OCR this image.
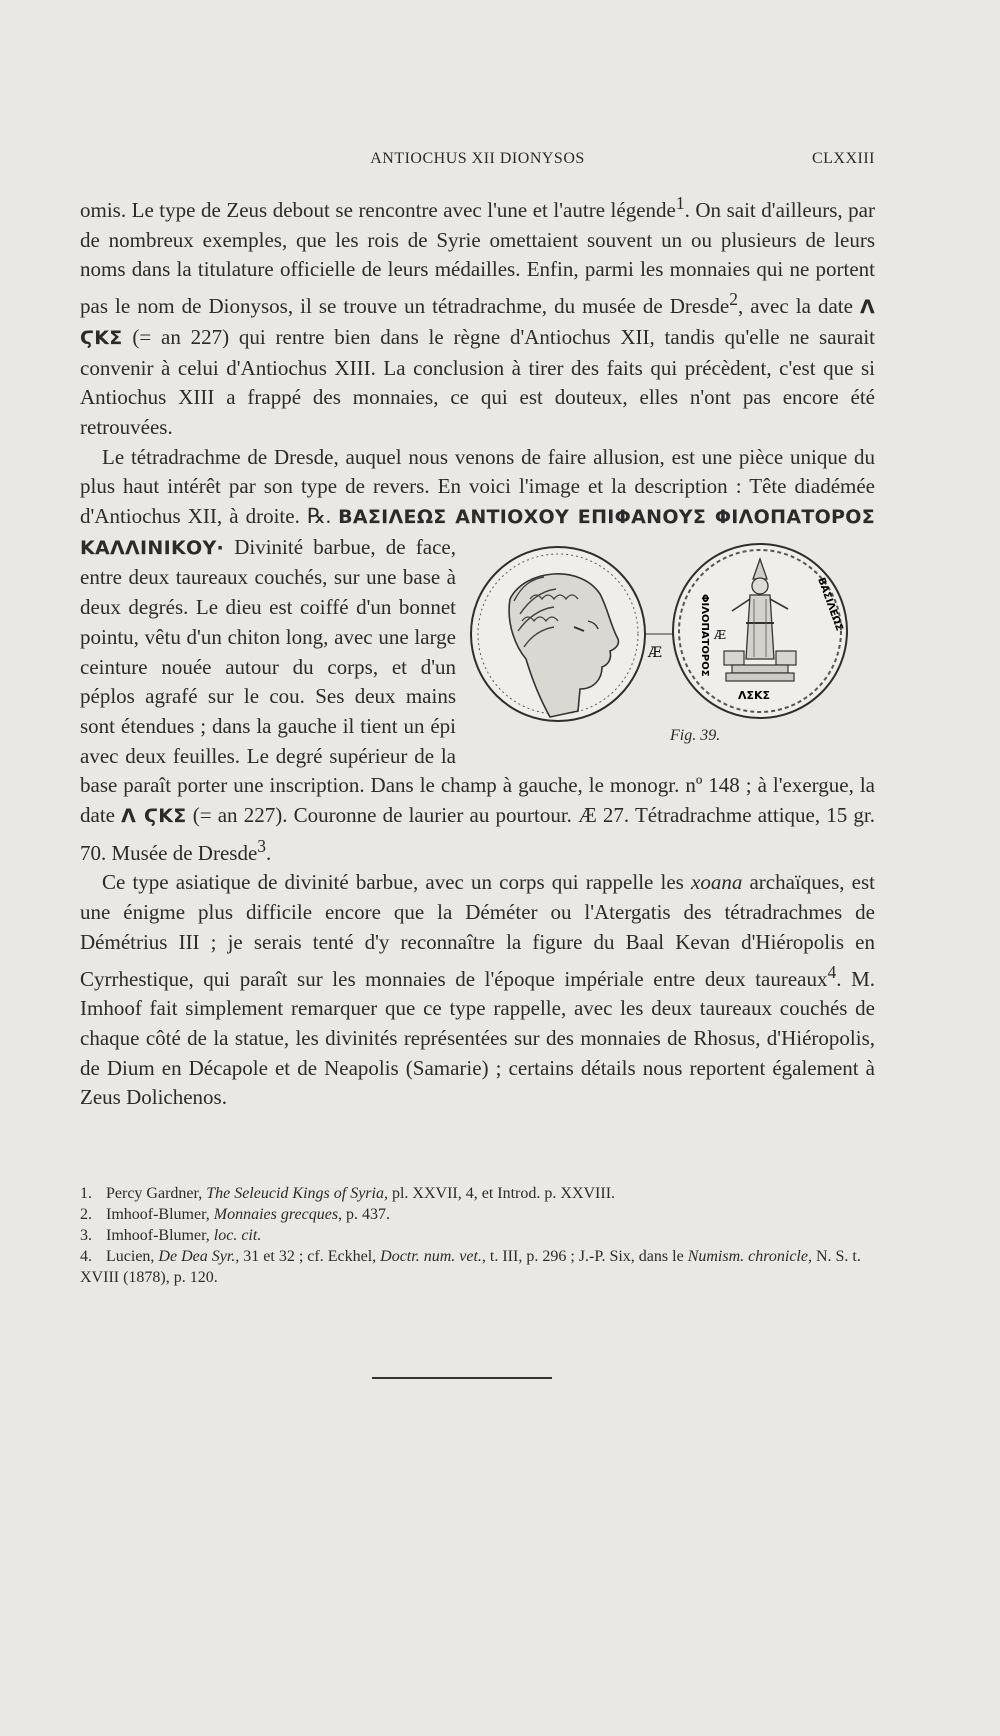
ANTIOCHUS XII DIONYSOS	CLXXIII

omis. Le type de Zeus debout se rencontre avec l'une et l'autre légende$^1$. On sait d'ailleurs, par de nombreux exemples, que les rois de Syrie omettaient souvent un ou plusieurs de leurs noms dans la titulature officielle de leurs médailles. Enfin, parmi les monnaies qui ne portent pas le nom de Dionysos, il se trouve un tétradrachme, du musée de Dresde$^2$, avec la date Λ ϚΚΣ (= an 227) qui rentre bien dans le règne d'Antiochus XII, tandis qu'elle ne saurait convenir à celui d'Antiochus XIII. La conclusion à tirer des faits qui précèdent, c'est que si Antiochus XIII a frappé des monnaies, ce qui est douteux, elles n'ont pas encore été retrouvées.

Le tétradrachme de Dresde, auquel nous venons de faire allusion, est une pièce unique du plus haut intérêt par son type de revers. En voici l'image et la description : Tête diadémée d'Antiochus XII, à droite. ℞. ΒΑΣΙΛΕΩΣ ΑΝΤΙΟΧΟΥ ΕΠΙΦΑΝΟΥΣ ΦΙΛΟΠΑΤΟΡΟΣ ΚΑΛΛΙΝΙΚΟΥ·
Æ	ΦΙΛΟΠΑΤΟΡΟΣ	ΒΑΣΙΛΕΩΣ
ΛΣΚΣ
Æ
Fig. 39.
Divinité barbue, de face, entre deux taureaux couchés, sur une base à deux degrés. Le dieu est coiffé d'un bonnet pointu, vêtu d'un chiton long, avec une large ceinture nouée autour du corps, et d'un péplos agrafé sur le cou. Ses deux mains sont étendues ; dans la gauche il tient un épi avec deux feuilles. Le degré supérieur de la base paraît porter une inscription. Dans le champ à gauche, le monogr. nº 148 ; à l'exergue, la date Λ ϚΚΣ (= an 227). Couronne de laurier au pourtour. Æ 27. Tétradrachme attique, 15 gr. 70. Musée de Dresde$^3$.

Ce type asiatique de divinité barbue, avec un corps qui rappelle les xoana archaïques, est une énigme plus difficile encore que la Déméter ou l'Atergatis des tétradrachmes de Démétrius III ; je serais tenté d'y reconnaître la figure du Baal Kevan d'Hiéropolis en Cyrrhestique, qui paraît sur les monnaies de l'époque impériale entre deux taureaux$^4$. M. Imhoof fait simplement remarquer que ce type rappelle, avec les deux taureaux couchés de chaque côté de la statue, les divinités représentées sur des monnaies de Rhosus, d'Hiéropolis, de Dium en Décapole et de Neapolis (Samarie) ; certains détails nous reportent également à Zeus Dolichenos.

1. Percy Gardner, The Seleucid Kings of Syria, pl. XXVII, 4, et Introd. p. XXVIII.
2. Imhoof-Blumer, Monnaies grecques, p. 437.
3. Imhoof-Blumer, loc. cit.
4. Lucien, De Dea Syr., 31 et 32 ; cf. Eckhel, Doctr. num. vet., t. III, p. 296 ; J.-P. Six, dans le Numism. chronicle, N. S. t. XVIII (1878), p. 120.
